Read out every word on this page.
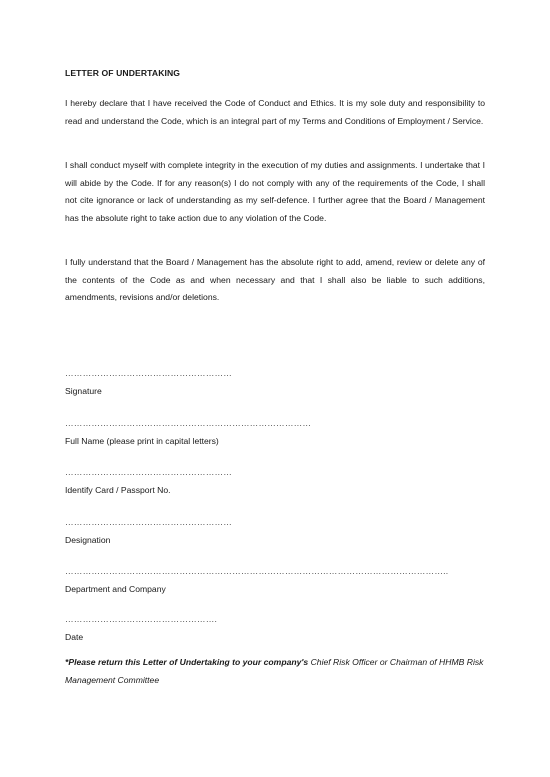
LETTER OF UNDERTAKING
I hereby declare that I have received the Code of Conduct and Ethics. It is my sole duty and responsibility to read and understand the Code, which is an integral part of my Terms and Conditions of Employment / Service.
I shall conduct myself with complete integrity in the execution of my duties and assignments. I undertake that I will abide by the Code. If for any reason(s) I do not comply with any of the requirements of the Code, I shall not cite ignorance or lack of understanding as my self-defence. I further agree that the Board / Management has the absolute right to take action due to any violation of the Code.
I fully understand that the Board / Management has the absolute right to add, amend, review or delete any of the contents of the Code as and when necessary and that I shall also be liable to such additions, amendments, revisions and/or deletions.
…………………………………………………
Signature
…………………………………………………………………………
Full Name (please print in capital letters)
…………………………………………………
Identify Card / Passport No.
…………………………………………………
Designation
…………………………………………………………………………………………………………………..
Department and Company
…………………………………………….
Date
*Please return this Letter of Undertaking to your company's Chief Risk Officer or Chairman of HHMB Risk Management Committee
